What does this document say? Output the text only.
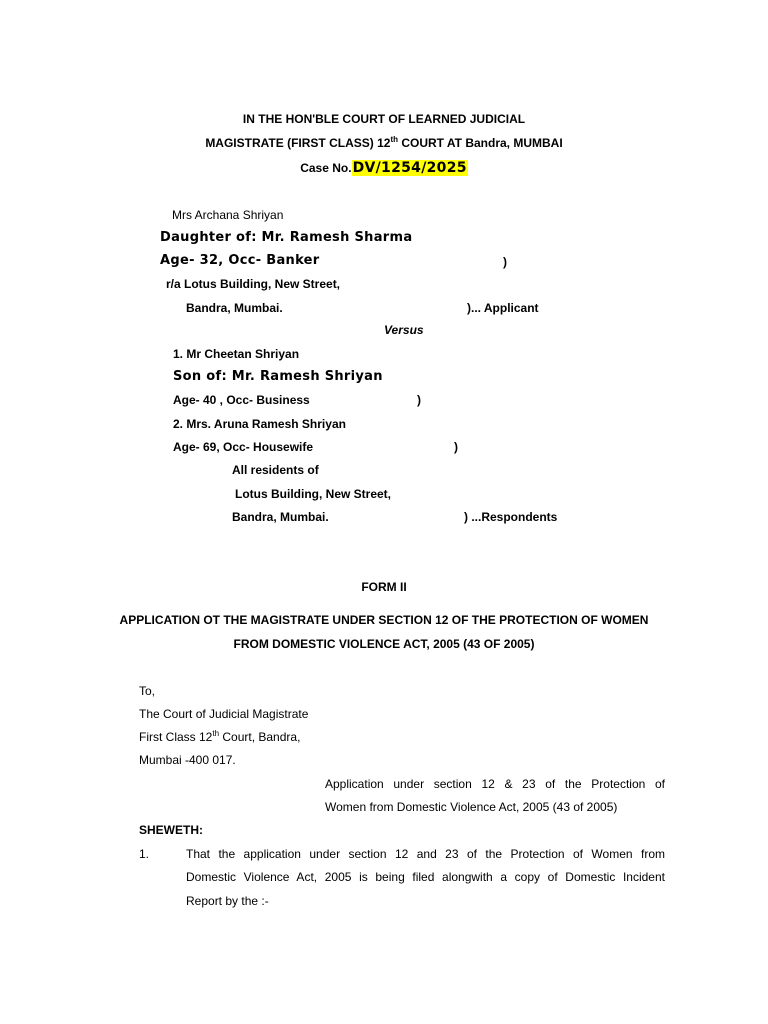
IN THE HON'BLE COURT OF LEARNED JUDICIAL
MAGISTRATE (FIRST CLASS) 12th COURT AT Bandra, MUMBAI
Case No.DV/1254/2025
Mrs Archana Shriyan
Daughter of: Mr. Ramesh Sharma
Age- 32, Occ- Banker	)
r/a Lotus Building, New Street,
Bandra, Mumbai.	)... Applicant
Versus
1. Mr Cheetan Shriyan
Son of: Mr. Ramesh Shriyan
Age- 40 , Occ- Business	)
2. Mrs. Aruna Ramesh Shriyan
Age- 69, Occ- Housewife	)
All residents of
Lotus Building, New Street,
Bandra, Mumbai.	) ...Respondents
FORM II
APPLICATION OT THE MAGISTRATE UNDER SECTION 12 OF THE PROTECTION OF WOMEN
FROM DOMESTIC VIOLENCE ACT, 2005 (43 OF 2005)
To,
The Court of Judicial Magistrate
First Class 12th Court, Bandra,
Mumbai -400 017.
Application under section 12 & 23 of the Protection of
Women from Domestic Violence Act, 2005 (43 of 2005)
SHEWETH:
1.	That the application under section 12 and 23 of the Protection of Women from
Domestic Violence Act, 2005 is being filed alongwith a copy of Domestic Incident
Report by the :-
